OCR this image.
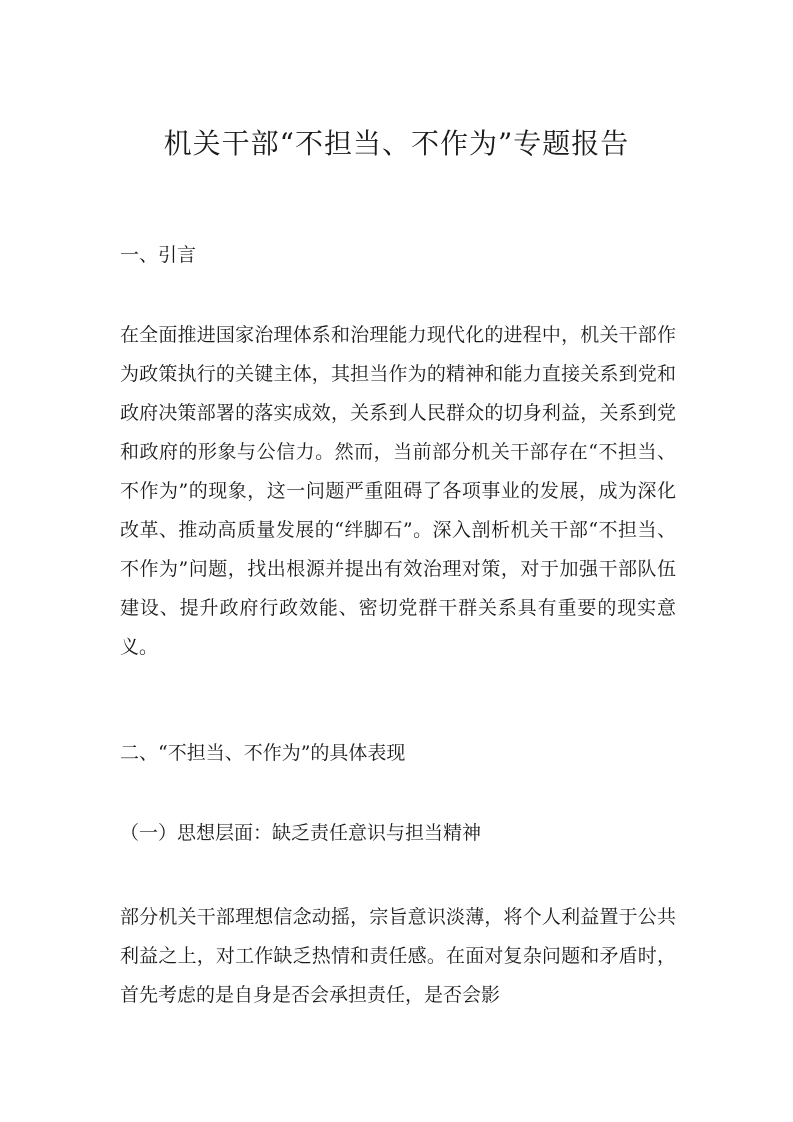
机关干部“不担当、不作为”专题报告
一、引言

在全面推进国家治理体系和治理能力现代化的进程中，机关干部作为政策执行的关键主体，其担当作为的精神和能力直接关系到党和政府决策部署的落实成效，关系到人民群众的切身利益，关系到党和政府的形象与公信力。然而，当前部分机关干部存在“不担当、不作为”的现象，这一问题严重阻碍了各项事业的发展，成为深化改革、推动高质量发展的“绊脚石”。深入剖析机关干部“不担当、不作为”问题，找出根源并提出有效治理对策，对于加强干部队伍建设、提升政府行政效能、密切党群干群关系具有重要的现实意义。

二、“不担当、不作为”的具体表现
（一）思想层面：缺乏责任意识与担当精神

部分机关干部理想信念动摇，宗旨意识淡薄，将个人利益置于公共利益之上，对工作缺乏热情和责任感。在面对复杂问题和矛盾时，首先考虑的是自身是否会承担责任，是否会影
